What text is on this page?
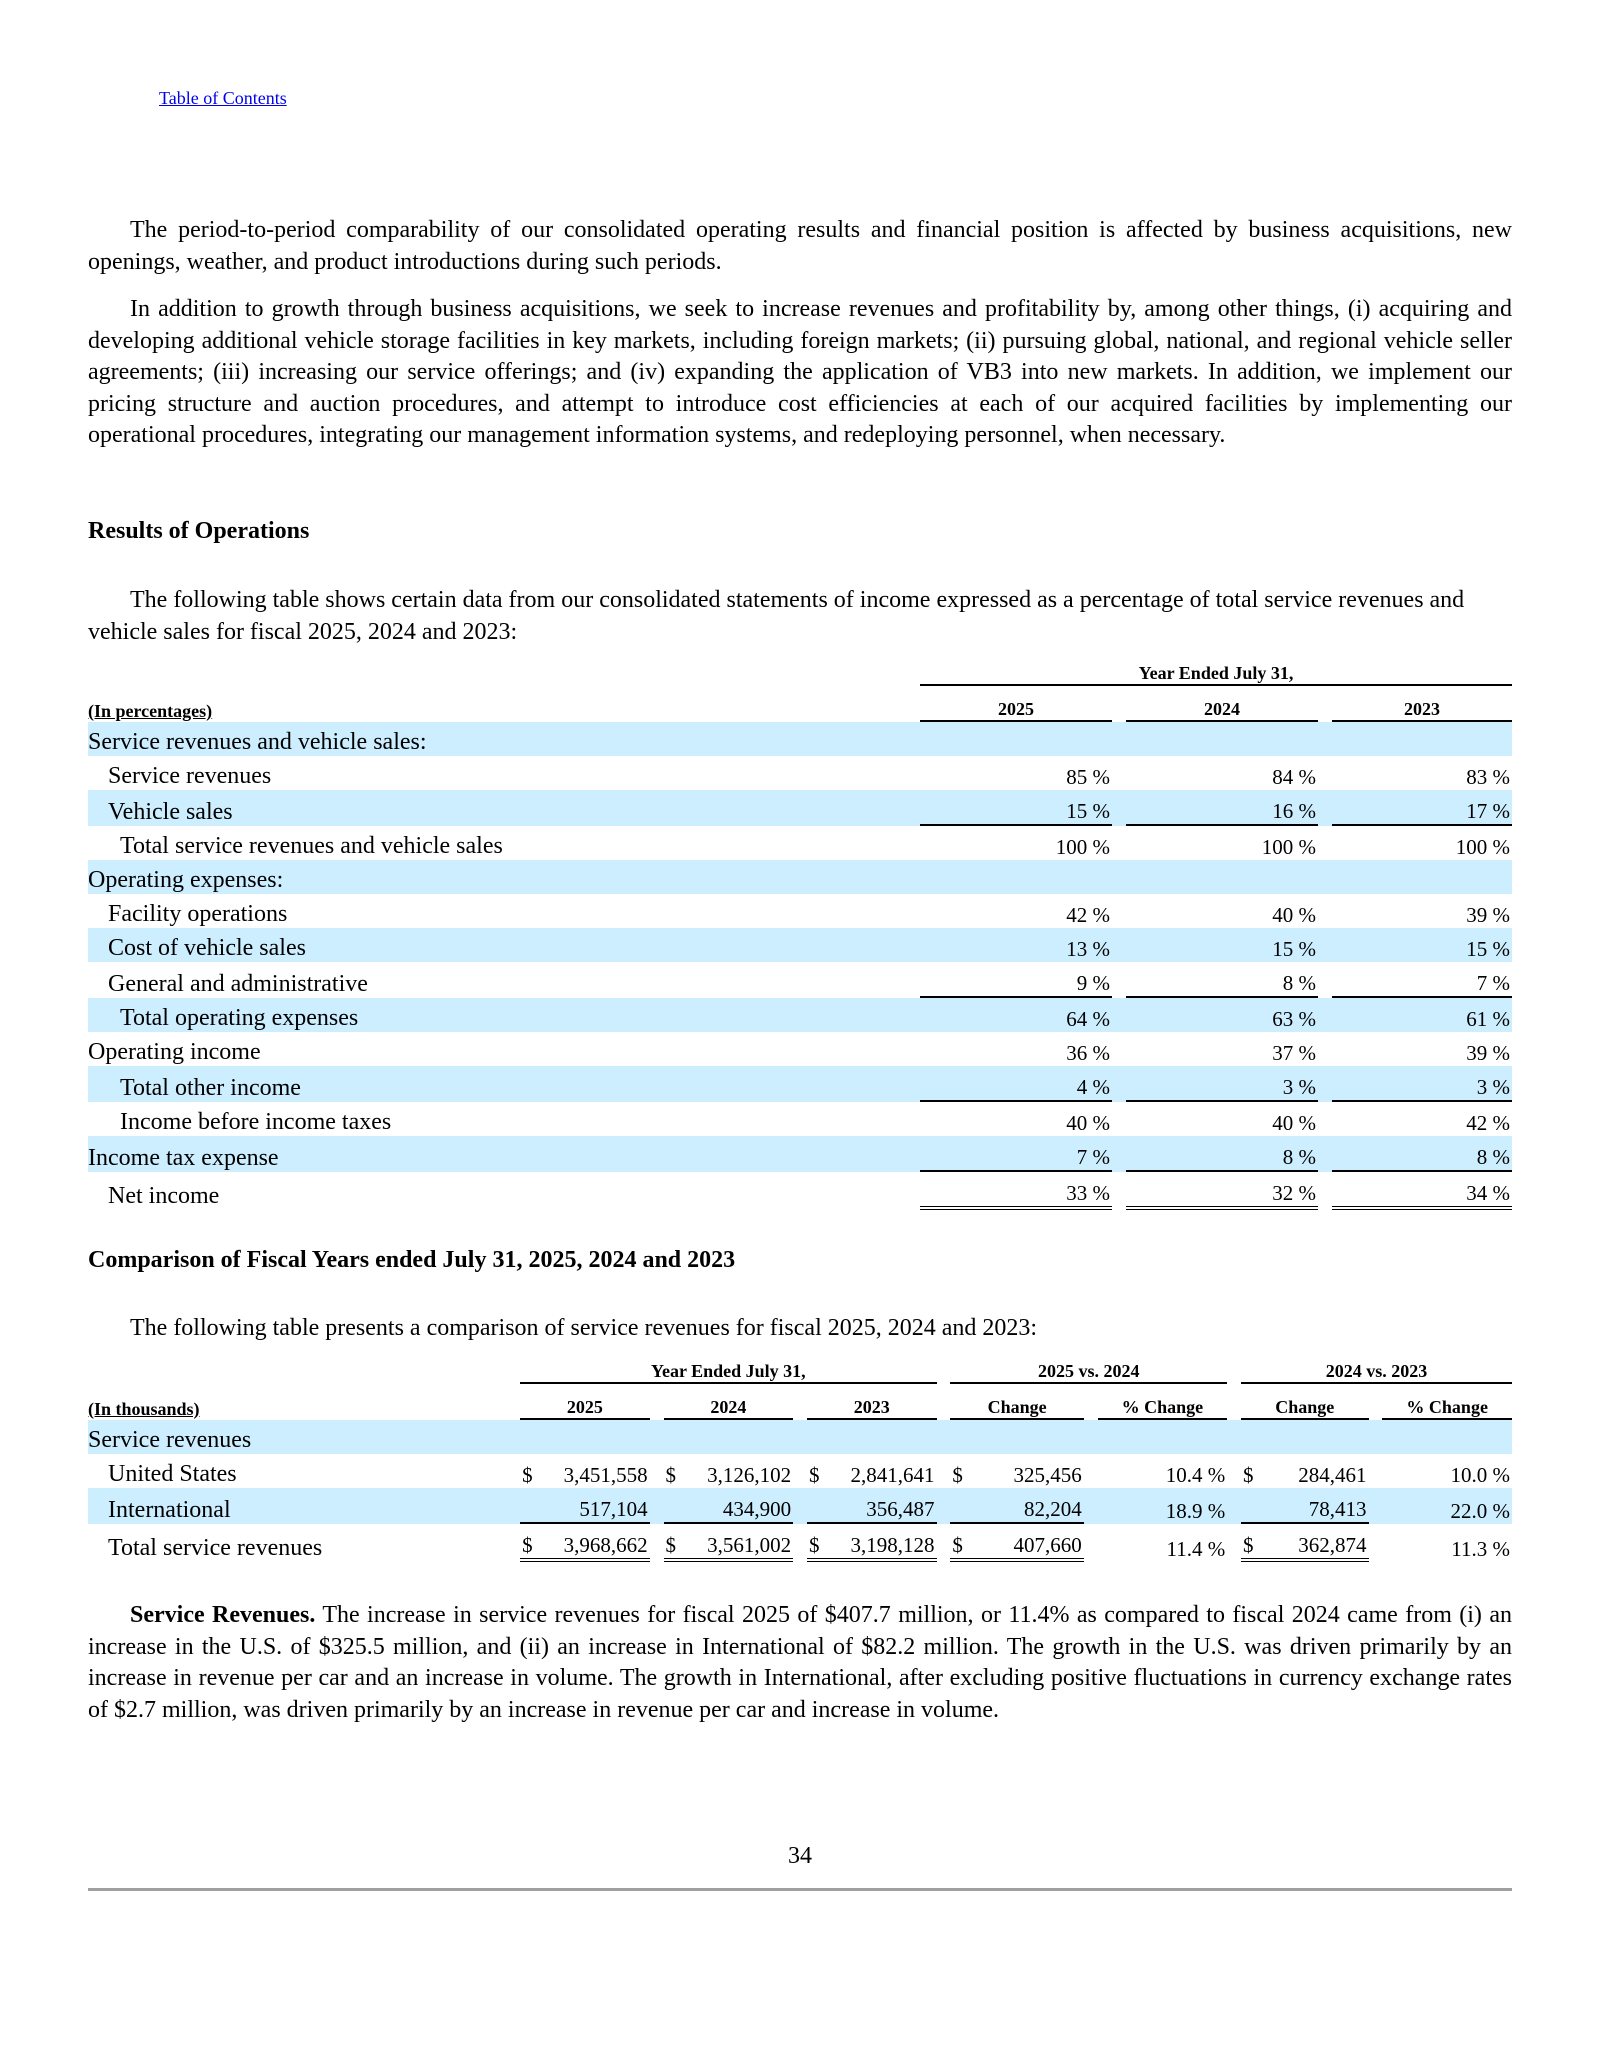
Table of Contents

The period-to-period comparability of our consolidated operating results and financial position is affected by business acquisitions, new openings, weather, and product introductions during such periods.

In addition to growth through business acquisitions, we seek to increase revenues and profitability by, among other things, (i) acquiring and developing additional vehicle storage facilities in key markets, including foreign markets; (ii) pursuing global, national, and regional vehicle seller agreements; (iii) increasing our service offerings; and (iv) expanding the application of VB3 into new markets. In addition, we implement our pricing structure and auction procedures, and attempt to introduce cost efficiencies at each of our acquired facilities by implementing our operational procedures, integrating our management information systems, and redeploying personnel, when necessary.

Results of Operations

The following table shows certain data from our consolidated statements of income expressed as a percentage of total service revenues and vehicle sales for fiscal 2025, 2024 and 2023:

		Year Ended July 31,				
(In percentages)		2025		2024		2023
Service revenues and vehicle sales:						
Service revenues		85 %		84 %		83 %
Vehicle sales		15 %		16 %		17 %
Total service revenues and vehicle sales		100 %		100 %		100 %
Operating expenses:						
Facility operations		42 %		40 %		39 %
Cost of vehicle sales		13 %		15 %		15 %
General and administrative		9 %		8 %		7 %
Total operating expenses		64 %		63 %		61 %
Operating income		36 %		37 %		39 %
Total other income		4 %		3 %		3 %
Income before income taxes		40 %		40 %		42 %
Income tax expense		7 %		8 %		8 %
Net income		33 %		32 %		34 %

Comparison of Fiscal Years ended July 31, 2025, 2024 and 2023

The following table presents a comparison of service revenues for fiscal 2025, 2024 and 2023:

		Year Ended July 31,						2025 vs. 2024				2024 vs. 2023		
(In thousands)		2025		2024		2023		Change		% Change		Change		% Change
Service revenues														
United States		$ 3,451,558		$ 3,126,102		$ 2,841,641		$ 325,456		10.4 %		$ 284,461		10.0 %
International		517,104		434,900		356,487		82,204		18.9 %		78,413		22.0 %
Total service revenues		$ 3,968,662		$ 3,561,002		$ 3,198,128		$ 407,660		11.4 %		$ 362,874		11.3 %

Service Revenues. The increase in service revenues for fiscal 2025 of $407.7 million, or 11.4% as compared to fiscal 2024 came from (i) an increase in the U.S. of $325.5 million, and (ii) an increase in International of $82.2 million. The growth in the U.S. was driven primarily by an increase in revenue per car and an increase in volume. The growth in International, after excluding positive fluctuations in currency exchange rates of $2.7 million, was driven primarily by an increase in revenue per car and increase in volume.

34
